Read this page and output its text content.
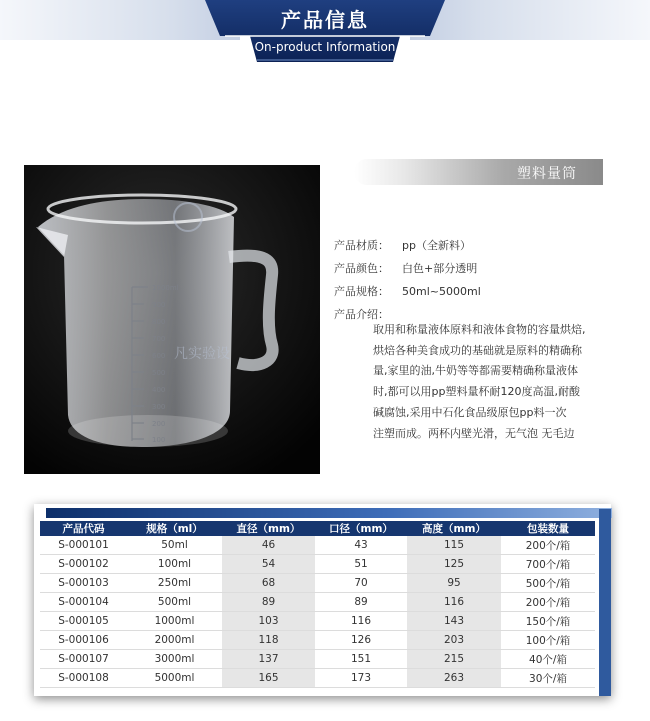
产品信息
On-product Information
1000ml
900
800
700
600
500
400
300
200
100
凡实验设
塑料量筒
产品材质： pp（全新料）
产品颜色： 白色+部分透明
产品规格： 50ml~5000ml
产品介绍：
取用和称量液体原料和液体食物的容量烘焙,
烘焙各种美食成功的基础就是原料的精确称
量,家里的油,牛奶等等都需要精确称量液体
时,都可以用pp塑料量杯耐120度高温,耐酸
碱腐蚀,采用中石化食品级原包pp料一次
注塑而成。两杯内壁光滑，无气泡 无毛边
产品代码	规格（ml）	直径（mm）	口径（mm）	高度（mm）	包装数量
S-000101	50ml	46	43	115	200个/箱
S-000102	100ml	54	51	125	700个/箱
S-000103	250ml	68	70	95	500个/箱
S-000104	500ml	89	89	116	200个/箱
S-000105	1000ml	103	116	143	150个/箱
S-000106	2000ml	118	126	203	100个/箱
S-000107	3000ml	137	151	215	40个/箱
S-000108	5000ml	165	173	263	30个/箱
